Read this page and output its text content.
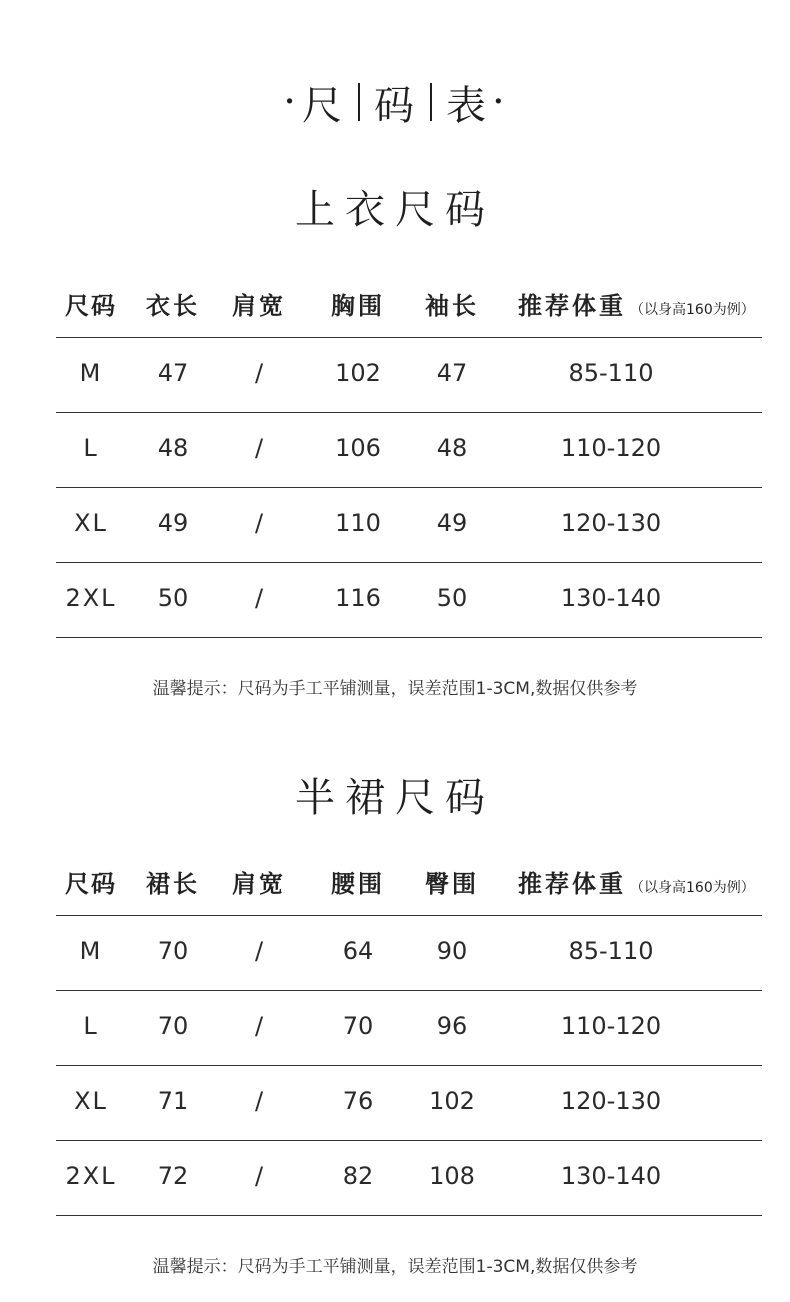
· 尺 码 表 ·
上衣尺码
尺码	衣长	肩宽	胸围	袖长	推荐体重 （以身高160为例）
M	47	/	102	47	85-110
L	48	/	106	48	110-120
XL	49	/	110	49	120-130
2XL	50	/	116	50	130-140
温馨提示：尺码为手工平铺测量，误差范围1-3CM,数据仅供参考
半裙尺码
尺码	裙长	肩宽	腰围	臀围	推荐体重 （以身高160为例）
M	70	/	64	90	85-110
L	70	/	70	96	110-120
XL	71	/	76	102	120-130
2XL	72	/	82	108	130-140
温馨提示：尺码为手工平铺测量，误差范围1-3CM,数据仅供参考
